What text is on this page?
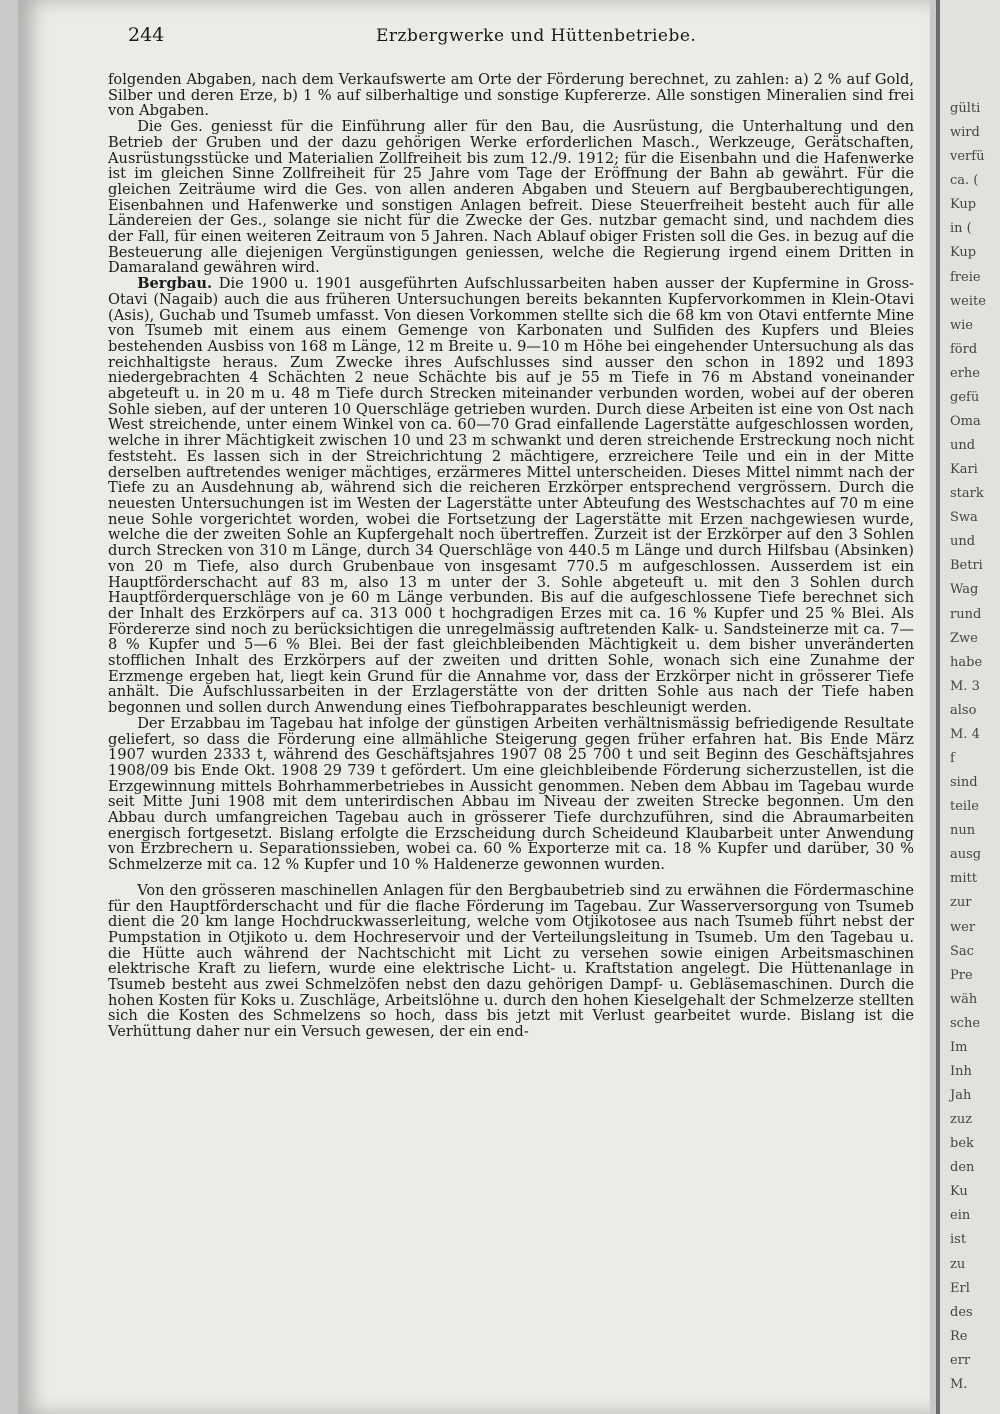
244	Erzbergwerke und Hüttenbetriebe.

folgenden Abgaben, nach dem Verkaufswerte am Orte der Förderung berechnet, zu zahlen: a) 2 % auf Gold, Silber und deren Erze, b) 1 % auf silberhaltige und sonstige Kupfererze. Alle sonstigen Mineralien sind frei von Abgaben.

Die Ges. geniesst für die Einführung aller für den Bau, die Ausrüstung, die Unterhaltung und den Betrieb der Gruben und der dazu gehörigen Werke erforderlichen Masch., Werkzeuge, Gerätschaften, Ausrüstungsstücke und Materialien Zollfreiheit bis zum 12./9. 1912; für die Eisenbahn und die Hafenwerke ist im gleichen Sinne Zollfreiheit für 25 Jahre vom Tage der Eröffnung der Bahn ab gewährt. Für die gleichen Zeiträume wird die Ges. von allen anderen Abgaben und Steuern auf Bergbauberechtigungen, Eisenbahnen und Hafenwerke und sonstigen Anlagen befreit. Diese Steuerfreiheit besteht auch für alle Ländereien der Ges., solange sie nicht für die Zwecke der Ges. nutzbar gemacht sind, und nachdem dies der Fall, für einen weiteren Zeitraum von 5 Jahren. Nach Ablauf obiger Fristen soll die Ges. in bezug auf die Besteuerung alle diejenigen Vergünstigungen geniessen, welche die Regierung irgend einem Dritten in Damaraland gewähren wird.

Bergbau. Die 1900 u. 1901 ausgeführten Aufschlussarbeiten haben ausser der Kupfermine in Gross-Otavi (Nagaib) auch die aus früheren Untersuchungen bereits bekannten Kupfervorkommen in Klein-Otavi (Asis), Guchab und Tsumeb umfasst. Von diesen Vorkommen stellte sich die 68 km von Otavi entfernte Mine von Tsumeb mit einem aus einem Gemenge von Karbonaten und Sulfiden des Kupfers und Bleies bestehenden Ausbiss von 168 m Länge, 12 m Breite u. 9—10 m Höhe bei eingehender Untersuchung als das reichhaltigste heraus. Zum Zwecke ihres Aufschlusses sind ausser den schon in 1892 und 1893 niedergebrachten 4 Schächten 2 neue Schächte bis auf je 55 m Tiefe in 76 m Abstand voneinander abgeteuft u. in 20 m u. 48 m Tiefe durch Strecken miteinander verbunden worden, wobei auf der oberen Sohle sieben, auf der unteren 10 Querschläge getrieben wurden. Durch diese Arbeiten ist eine von Ost nach West streichende, unter einem Winkel von ca. 60—70 Grad einfallende Lagerstätte aufgeschlossen worden, welche in ihrer Mächtigkeit zwischen 10 und 23 m schwankt und deren streichende Erstreckung noch nicht feststeht. Es lassen sich in der Streichrichtung 2 mächtigere, erzreichere Teile und ein in der Mitte derselben auftretendes weniger mächtiges, erzärmeres Mittel unterscheiden. Dieses Mittel nimmt nach der Tiefe zu an Ausdehnung ab, während sich die reicheren Erzkörper entsprechend vergrössern. Durch die neuesten Untersuchungen ist im Westen der Lagerstätte unter Abteufung des Westschachtes auf 70 m eine neue Sohle vorgerichtet worden, wobei die Fortsetzung der Lagerstätte mit Erzen nachgewiesen wurde, welche die der zweiten Sohle an Kupfergehalt noch übertreffen. Zurzeit ist der Erzkörper auf den 3 Sohlen durch Strecken von 310 m Länge, durch 34 Querschläge von 440.5 m Länge und durch Hilfsbau (Absinken) von 20 m Tiefe, also durch Grubenbaue von insgesamt 770.5 m aufgeschlossen. Ausserdem ist ein Hauptförderschacht auf 83 m, also 13 m unter der 3. Sohle abgeteuft u. mit den 3 Sohlen durch Hauptförderquerschläge von je 60 m Länge verbunden. Bis auf die aufgeschlossene Tiefe berechnet sich der Inhalt des Erzkörpers auf ca. 313 000 t hochgradigen Erzes mit ca. 16 % Kupfer und 25 % Blei. Als Fördererze sind noch zu berücksichtigen die unregelmässig auftretenden Kalk- u. Sandsteinerze mit ca. 7—8 % Kupfer und 5—6 % Blei. Bei der fast gleichbleibenden Mächtigkeit u. dem bisher unveränderten stofflichen Inhalt des Erzkörpers auf der zweiten und dritten Sohle, wonach sich eine Zunahme der Erzmenge ergeben hat, liegt kein Grund für die Annahme vor, dass der Erzkörper nicht in grösserer Tiefe anhält. Die Aufschlussarbeiten in der Erzlagerstätte von der dritten Sohle aus nach der Tiefe haben begonnen und sollen durch Anwendung eines Tiefbohrapparates beschleunigt werden.

Der Erzabbau im Tagebau hat infolge der günstigen Arbeiten verhältnismässig befriedigende Resultate geliefert, so dass die Förderung eine allmähliche Steigerung gegen früher erfahren hat. Bis Ende März 1907 wurden 2333 t, während des Geschäftsjahres 1907 08 25 700 t und seit Beginn des Geschäftsjahres 1908/09 bis Ende Okt. 1908 29 739 t gefördert. Um eine gleichbleibende Förderung sicherzustellen, ist die Erzgewinnung mittels Bohrhammerbetriebes in Aussicht genommen. Neben dem Abbau im Tagebau wurde seit Mitte Juni 1908 mit dem unterirdischen Abbau im Niveau der zweiten Strecke begonnen. Um den Abbau durch umfangreichen Tagebau auch in grösserer Tiefe durchzuführen, sind die Abraumarbeiten energisch fortgesetzt. Bislang erfolgte die Erzscheidung durch Scheideund Klaubarbeit unter Anwendung von Erzbrechern u. Separationssieben, wobei ca. 60 % Exporterze mit ca. 18 % Kupfer und darüber, 30 % Schmelzerze mit ca. 12 % Kupfer und 10 % Haldenerze gewonnen wurden.

Von den grösseren maschinellen Anlagen für den Bergbaubetrieb sind zu erwähnen die Fördermaschine für den Hauptförderschacht und für die flache Förderung im Tagebau. Zur Wasserversorgung von Tsumeb dient die 20 km lange Hochdruckwasserleitung, welche vom Otjikotosee aus nach Tsumeb führt nebst der Pumpstation in Otjikoto u. dem Hochreservoir und der Verteilungsleitung in Tsumeb. Um den Tagebau u. die Hütte auch während der Nachtschicht mit Licht zu versehen sowie einigen Arbeitsmaschinen elektrische Kraft zu liefern, wurde eine elektrische Licht- u. Kraftstation angelegt. Die Hüttenanlage in Tsumeb besteht aus zwei Schmelzöfen nebst den dazu gehörigen Dampf- u. Gebläsemaschinen. Durch die hohen Kosten für Koks u. Zuschläge, Arbeitslöhne u. durch den hohen Kieselgehalt der Schmelzerze stellten sich die Kosten des Schmelzens so hoch, dass bis jetzt mit Verlust gearbeitet wurde. Bislang ist die Verhüttung daher nur ein Versuch gewesen, der ein end-

gülti
wird
verfü
ca. (
Kup
in (
Kup
freie
weite
wie
förd
erhe
gefü
Oma
und
Kari
stark
Swa
und
Betri
Wag
rund
Zwe
habe
M. 3
also
M. 4
f
sind
teile
nun
ausg
mitt
zur
wer
Sac
Pre
wäh
sche
Im
Inh
Jah
zuz
bek
den
Ku
ein
ist
zu
Erl
des
Re
err
M.
